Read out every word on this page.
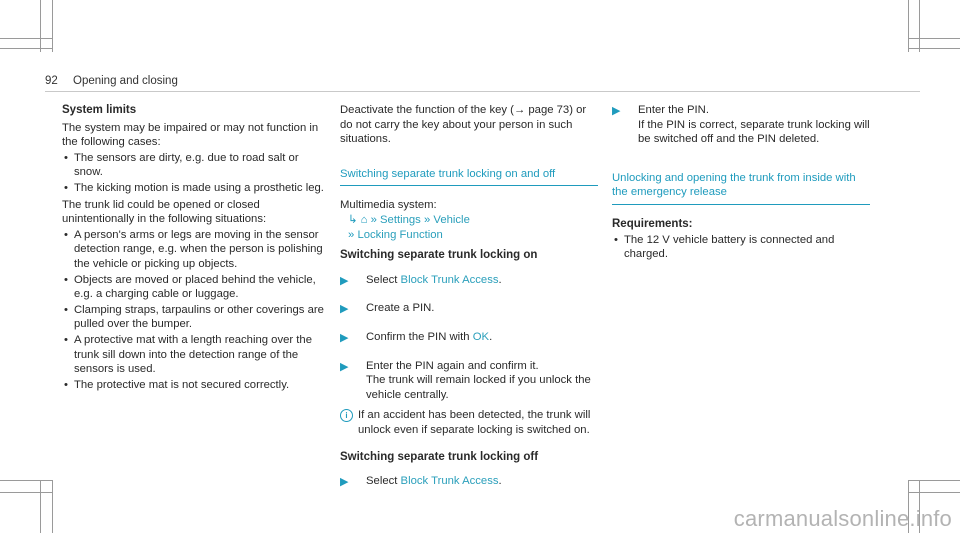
92 Opening and closing
System limits

The system may be impaired or may not function in the following cases:

• The sensors are dirty, e.g. due to road salt or snow.
• The kicking motion is made using a prosthetic leg.

The trunk lid could be opened or closed unintentionally in the following situations:

• A person's arms or legs are moving in the sensor detection range, e.g. when the person is polishing the vehicle or picking up objects.
• Objects are moved or placed behind the vehicle, e.g. a charging cable or luggage.
• Clamping straps, tarpaulins or other coverings are pulled over the bumper.
• A protective mat with a length reaching over the trunk sill down into the detection range of the sensors is used.
• The protective mat is not secured correctly.

Deactivate the function of the key (→ page 73) or do not carry the key about your person in such situations.

Switching separate trunk locking on and off

Multimedia system:

↳ ⌂ » Settings » Vehicle
» Locking Function
Switching separate trunk locking on
▶ Select Block Trunk Access.
▶ Create a PIN.
▶ Confirm the PIN with OK.
▶ Enter the PIN again and confirm it.
The trunk will remain locked if you unlock the vehicle centrally.
i If an accident has been detected, the trunk will unlock even if separate locking is switched on.
Switching separate trunk locking off
▶ Select Block Trunk Access.
▶ Enter the PIN.
If the PIN is correct, separate trunk locking will be switched off and the PIN deleted.
Unlocking and opening the trunk from inside with the emergency release
Requirements:
• The 12 V vehicle battery is connected and charged.
carmanualsonline.info
